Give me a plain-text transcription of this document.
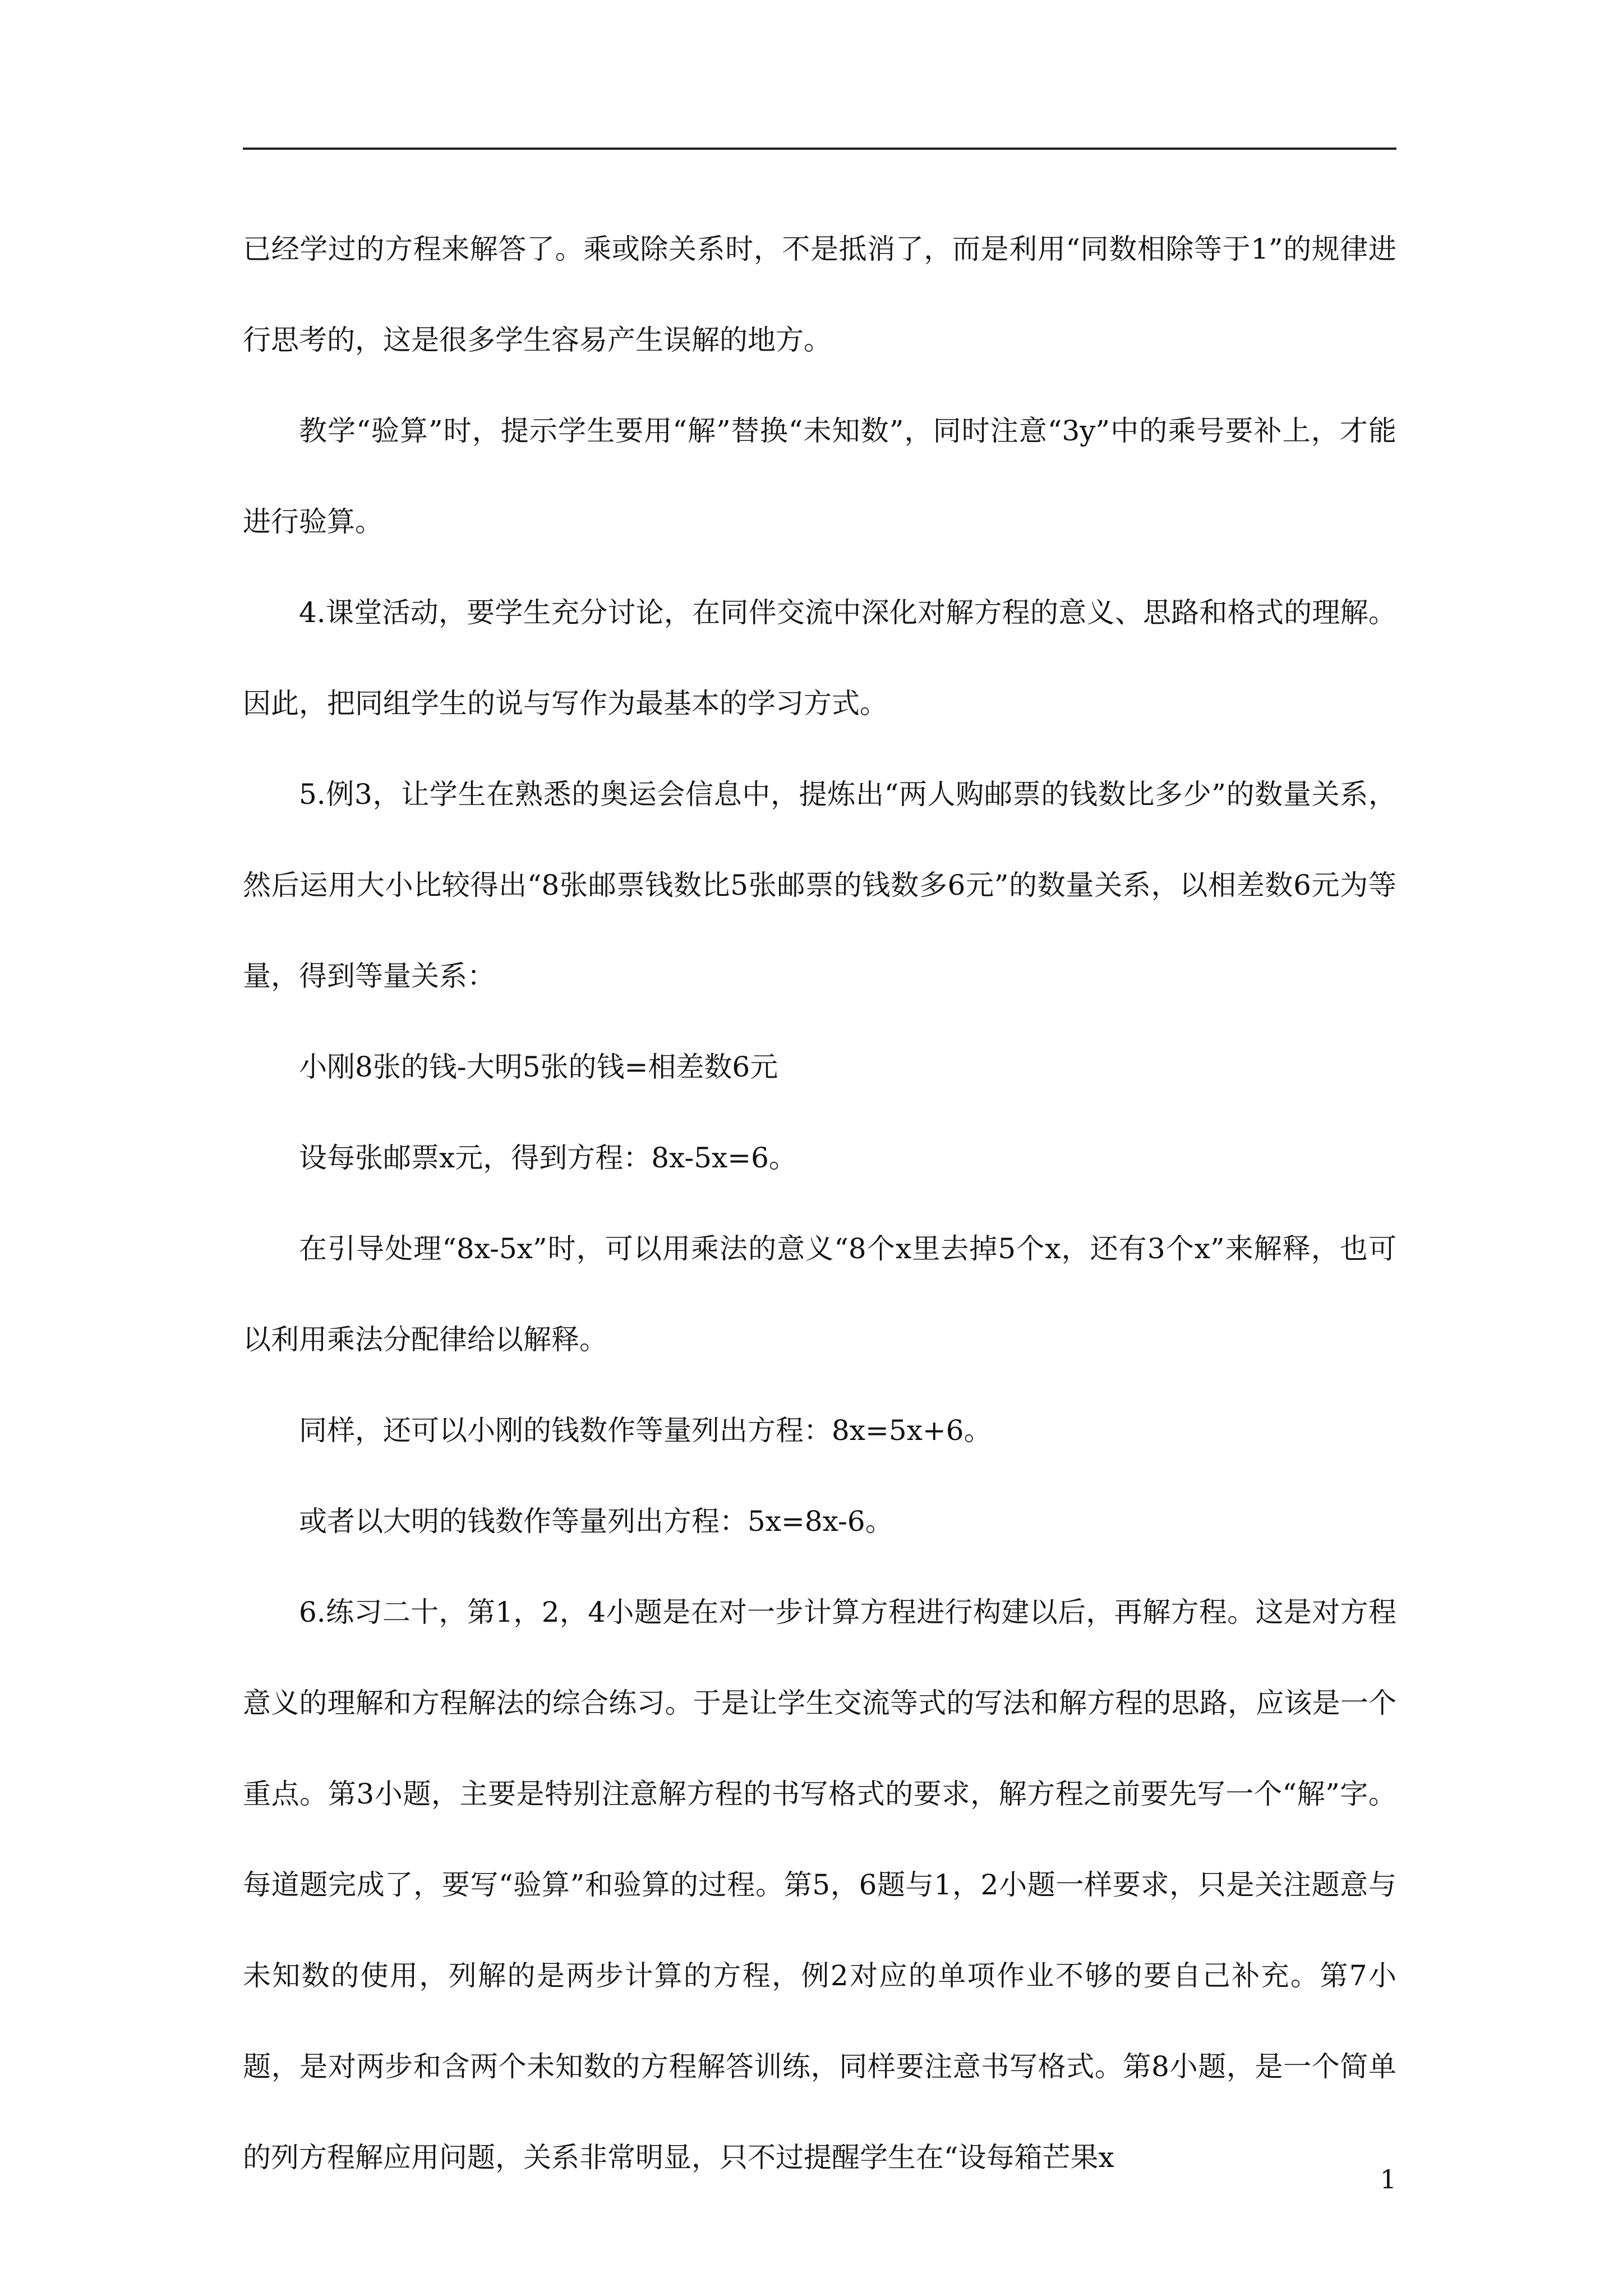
已经学过的方程来解答了。乘或除关系时，不是抵消了，而是利用“同数相除等于1”的规律进行思考的，这是很多学生容易产生误解的地方。

教学“验算”时，提示学生要用“解”替换“未知数”，同时注意“3y”中的乘号要补上，才能进行验算。

4.课堂活动，要学生充分讨论，在同伴交流中深化对解方程的意义、思路和格式的理解。因此，把同组学生的说与写作为最基本的学习方式。

5.例3，让学生在熟悉的奥运会信息中，提炼出“两人购邮票的钱数比多少”的数量关系，然后运用大小比较得出“8张邮票钱数比5张邮票的钱数多6元”的数量关系，以相差数6元为等量，得到等量关系：

小刚8张的钱-大明5张的钱=相差数6元

设每张邮票x元，得到方程：8x-5x=6。

在引导处理“8x-5x”时，可以用乘法的意义“8个x里去掉5个x，还有3个x”来解释，也可以利用乘法分配律给以解释。

同样，还可以小刚的钱数作等量列出方程：8x=5x+6。

或者以大明的钱数作等量列出方程：5x=8x-6。

6.练习二十，第1，2，4小题是在对一步计算方程进行构建以后，再解方程。这是对方程意义的理解和方程解法的综合练习。于是让学生交流等式的写法和解方程的思路，应该是一个重点。第3小题，主要是特别注意解方程的书写格式的要求，解方程之前要先写一个“解”字。每道题完成了，要写“验算”和验算的过程。第5，6题与1，2小题一样要求，只是关注题意与未知数的使用，列解的是两步计算的方程，例2对应的单项作业不够的要自己补充。第7小题，是对两步和含两个未知数的方程解答训练，同样要注意书写格式。第8小题，是一个简单的列方程解应用问题，关系非常明显，只不过提醒学生在“设每箱芒果x

1
